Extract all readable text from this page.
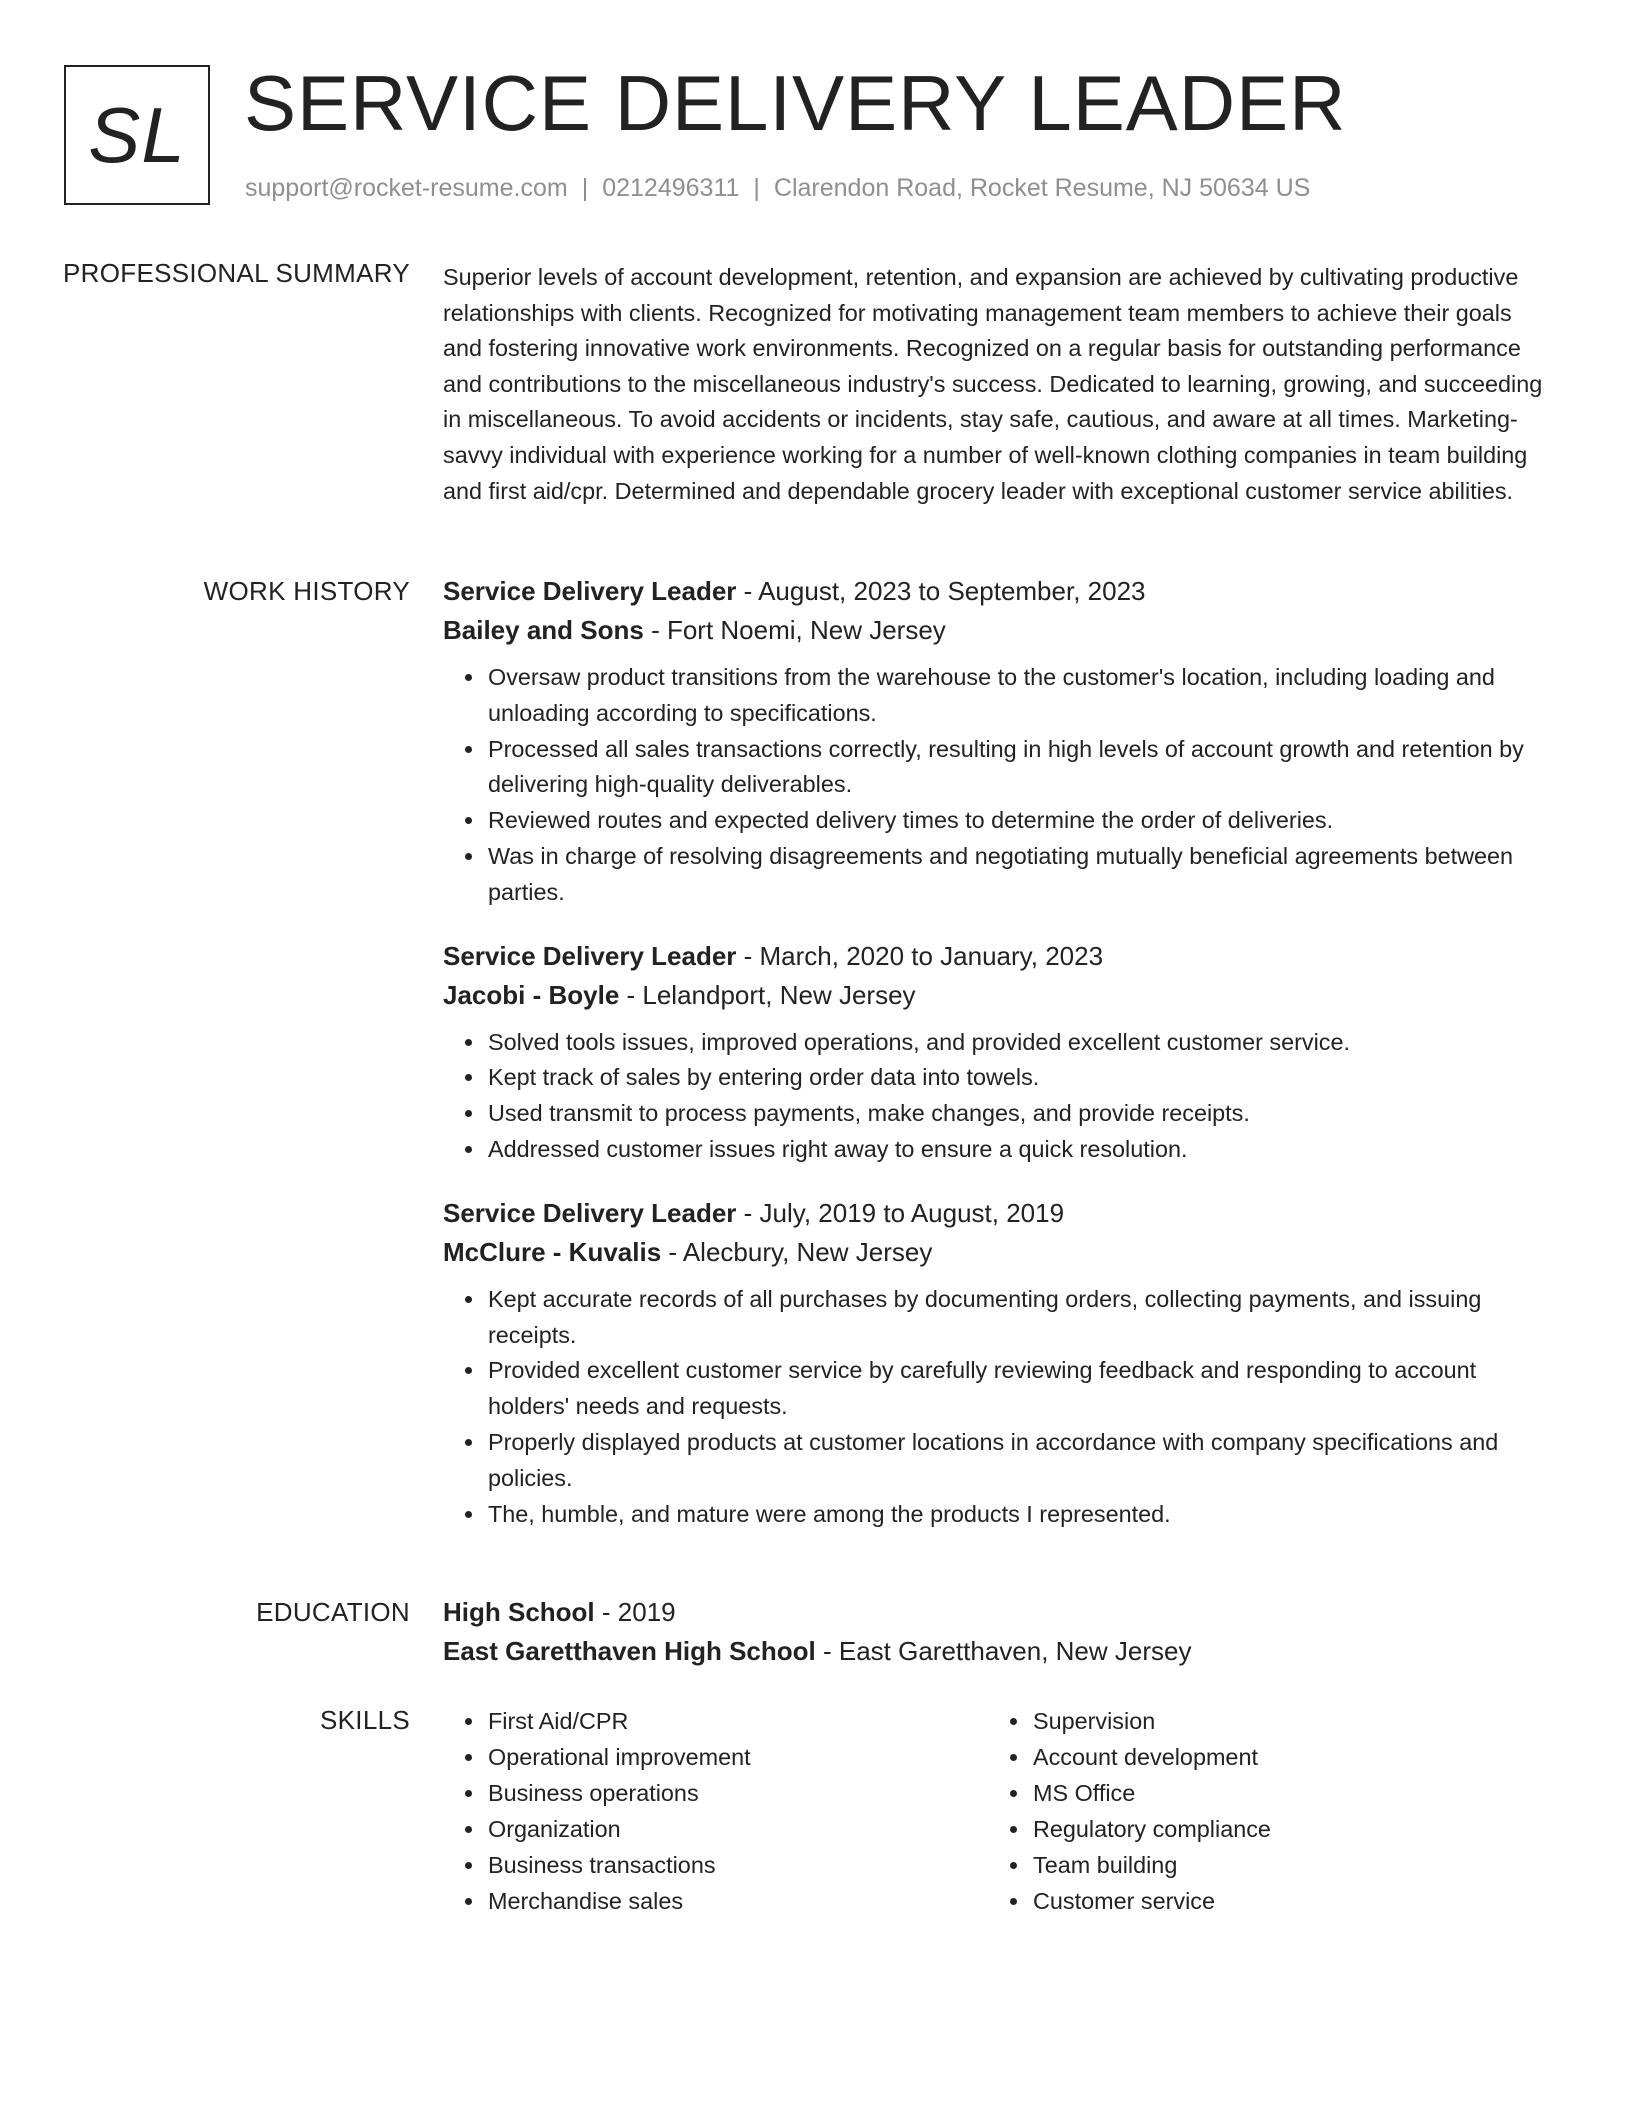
SL SERVICE DELIVERY LEADER
support@rocket-resume.com | 0212496311 | Clarendon Road, Rocket Resume, NJ 50634 US
PROFESSIONAL SUMMARY Superior levels of account development, retention, and expansion are achieved by cultivating productive relationships with clients. Recognized for motivating management team members to achieve their goals and fostering innovative work environments. Recognized on a regular basis for outstanding performance and contributions to the miscellaneous industry's success. Dedicated to learning, growing, and succeeding in miscellaneous. To avoid accidents or incidents, stay safe, cautious, and aware at all times. Marketing-savvy individual with experience working for a number of well-known clothing companies in team building and first aid/cpr. Determined and dependable grocery leader with exceptional customer service abilities.

WORK HISTORY Service Delivery Leader - August, 2023 to September, 2023
Bailey and Sons - Fort Noemi, New Jersey
• Oversaw product transitions from the warehouse to the customer's location, including loading and unloading according to specifications.
• Processed all sales transactions correctly, resulting in high levels of account growth and retention by delivering high-quality deliverables.
• Reviewed routes and expected delivery times to determine the order of deliveries.
• Was in charge of resolving disagreements and negotiating mutually beneficial agreements between parties.
Service Delivery Leader - March, 2020 to January, 2023
Jacobi - Boyle - Lelandport, New Jersey
• Solved tools issues, improved operations, and provided excellent customer service.
• Kept track of sales by entering order data into towels.
• Used transmit to process payments, make changes, and provide receipts.
• Addressed customer issues right away to ensure a quick resolution.
Service Delivery Leader - July, 2019 to August, 2019
McClure - Kuvalis - Alecbury, New Jersey
• Kept accurate records of all purchases by documenting orders, collecting payments, and issuing receipts.
• Provided excellent customer service by carefully reviewing feedback and responding to account holders' needs and requests.
• Properly displayed products at customer locations in accordance with company specifications and policies.
• The, humble, and mature were among the products I represented.
EDUCATION High School - 2019
East Garetthaven High School - East Garetthaven, New Jersey
SKILLS
•	First Aid/CPR
• Operational improvement
• Business operations
• Organization
• Business transactions
• Merchandise sales
• Supervision
• Account development
• MS Office
• Regulatory compliance
• Team building
• Customer service
